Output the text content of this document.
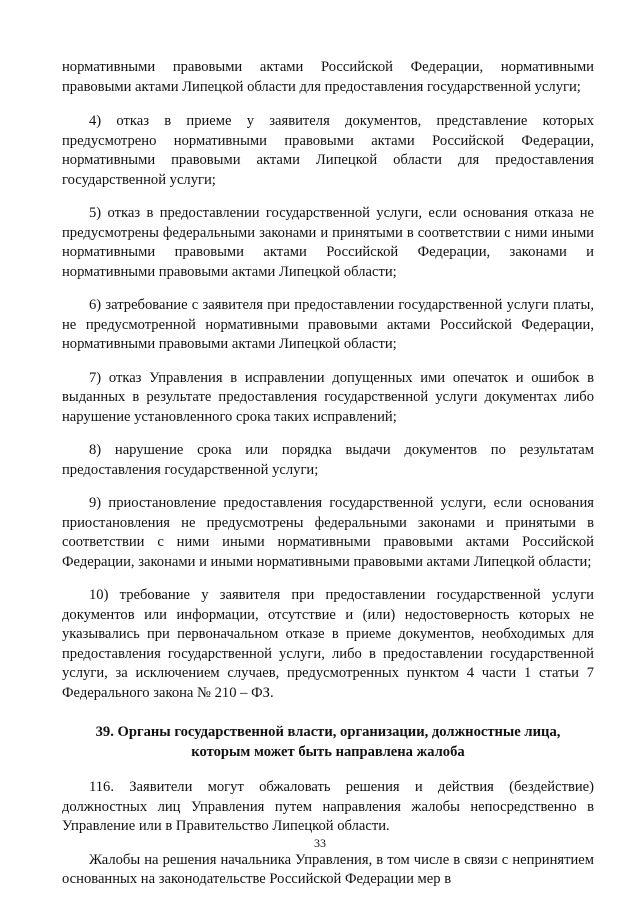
нормативными правовыми актами Российской Федерации, нормативными правовыми актами Липецкой области для предоставления государственной услуги;

4) отказ в приеме у заявителя документов, представление которых предусмотрено нормативными правовыми актами Российской Федерации, нормативными правовыми актами Липецкой области для предоставления государственной услуги;

5) отказ в предоставлении государственной услуги, если основания отказа не предусмотрены федеральными законами и принятыми в соответствии с ними иными нормативными правовыми актами Российской Федерации, законами и нормативными правовыми актами Липецкой области;

6) затребование с заявителя при предоставлении государственной услуги платы, не предусмотренной нормативными правовыми актами Российской Федерации, нормативными правовыми актами Липецкой области;

7) отказ Управления в исправлении допущенных ими опечаток и ошибок в выданных в результате предоставления государственной услуги документах либо нарушение установленного срока таких исправлений;

8) нарушение срока или порядка выдачи документов по результатам предоставления государственной услуги;

9) приостановление предоставления государственной услуги, если основания приостановления не предусмотрены федеральными законами и принятыми в соответствии с ними иными нормативными правовыми актами Российской Федерации, законами и иными нормативными правовыми актами Липецкой области;

10) требование у заявителя при предоставлении государственной услуги документов или информации, отсутствие и (или) недостоверность которых не указывались при первоначальном отказе в приеме документов, необходимых для предоставления государственной услуги, либо в предоставлении государственной услуги, за исключением случаев, предусмотренных пунктом 4 части 1 статьи 7 Федерального закона № 210 – ФЗ.

39. Органы государственной власти, организации, должностные лица, которым может быть направлена жалоба

116. Заявители могут обжаловать решения и действия (бездействие) должностных лиц Управления путем направления жалобы непосредственно в Управление или в Правительство Липецкой области.

Жалобы на решения начальника Управления, в том числе в связи с непринятием основанных на законодательстве Российской Федерации мер в

33
